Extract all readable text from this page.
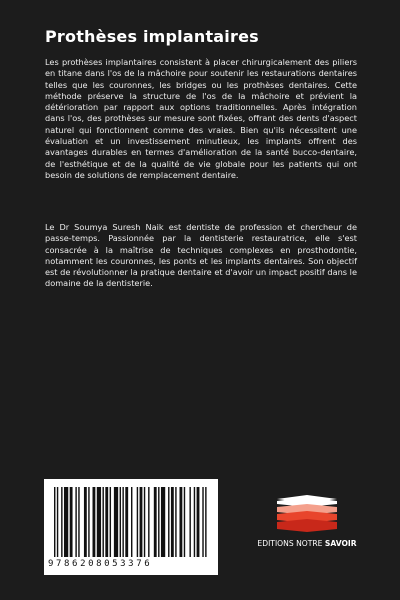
Prothèses implantaires

Les prothèses implantaires consistent à placer chirurgicalement des piliers en titane dans l'os de la mâchoire pour soutenir les restaurations dentaires telles que les couronnes, les bridges ou les prothèses dentaires. Cette méthode préserve la structure de l'os de la mâchoire et prévient la détérioration par rapport aux options traditionnelles. Après intégration dans l'os, des prothèses sur mesure sont fixées, offrant des dents d'aspect naturel qui fonctionnent comme des vraies. Bien qu'ils nécessitent une évaluation et un investissement minutieux, les implants offrent des avantages durables en termes d'amélioration de la santé bucco-dentaire, de l'esthétique et de la qualité de vie globale pour les patients qui ont besoin de solutions de remplacement dentaire.

Le Dr Soumya Suresh Naik est dentiste de profession et chercheur de passe-temps. Passionnée par la dentisterie restauratrice, elle s'est consacrée à la maîtrise de techniques complexes en prosthodontie, notamment les couronnes, les ponts et les implants dentaires. Son objectif est de révolutionner la pratique dentaire et d'avoir un impact positif dans le domaine de la dentisterie.

9786208053376
EDITIONS NOTRE SAVOIR
